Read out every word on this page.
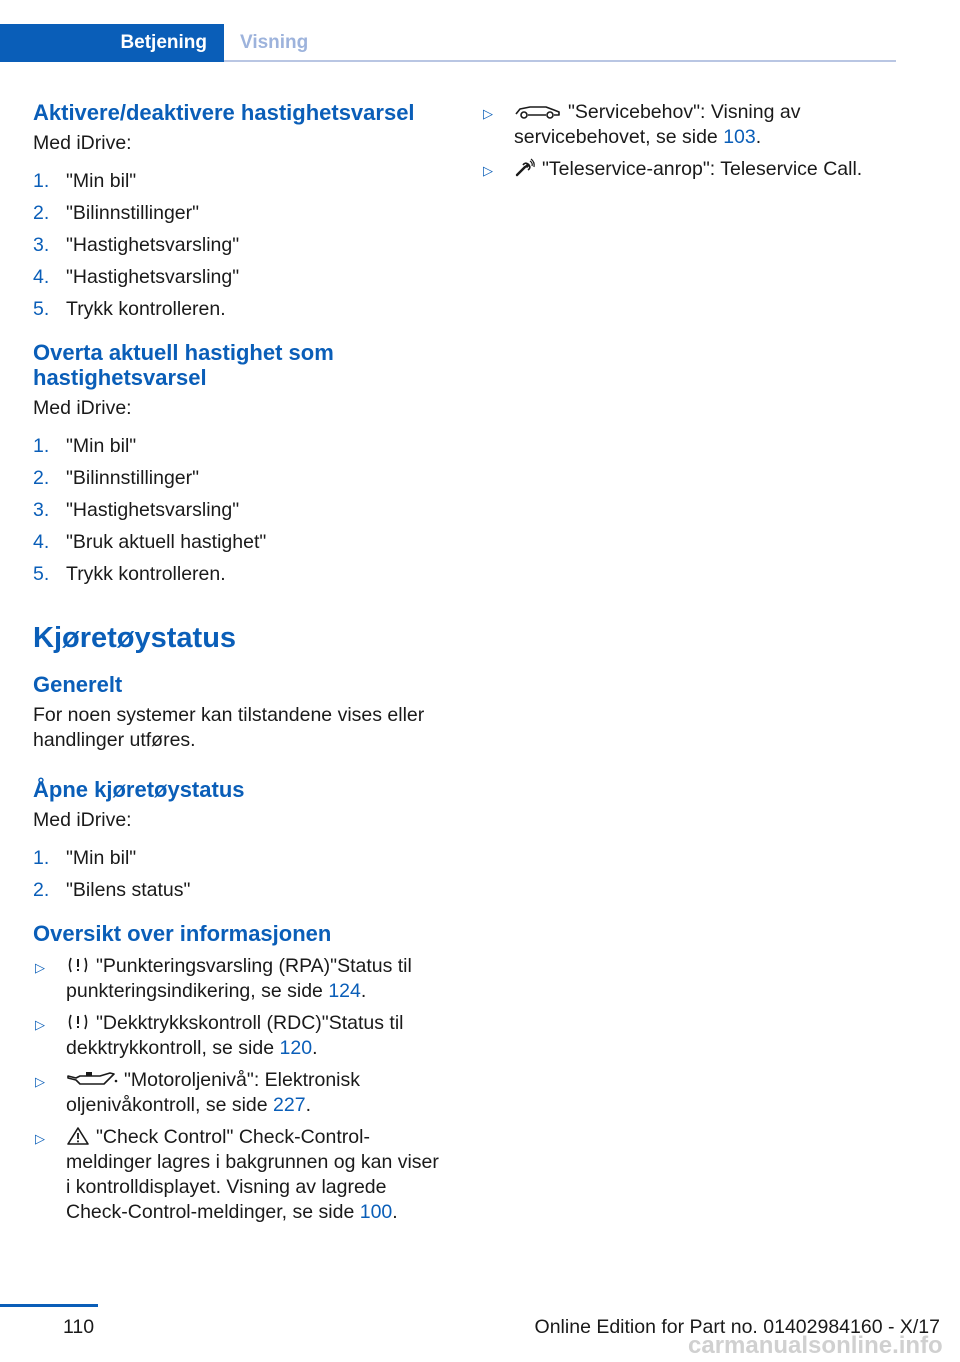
Betjening Visning
Aktivere/deaktivere hastighetsvarsel

Med iDrive:

1. "Min bil"
2. "Bilinnstillinger"
3. "Hastighetsvarsling"
4. "Hastighetsvarsling"
5. Trykk kontrolleren.
Overta aktuell hastighet som hastighetsvarsel

Med iDrive:

1. "Min bil"
2. "Bilinnstillinger"
3. "Hastighetsvarsling"
4. "Bruk aktuell hastighet"
5. Trykk kontrolleren.
Kjøretøystatus
Generelt

For noen systemer kan tilstandene vises eller handlinger utføres.

Åpne kjøretøystatus

Med iDrive:

1. "Min bil"
2. "Bilens status"
Oversikt over informasjonen
▷	"Punkteringsvarsling (RPA)"Status til punkteringsindikering, se side 124.
▷	"Dekktrykkskontroll (RDC)"Status til dekktrykkontroll, se side 120.
▷	"Motoroljenivå": Elektronisk oljenivåkontroll, se side 227.
▷	"Check Control" Check-Control-meldinger lagres i bakgrunnen og kan viser i kontrolldisplayet. Visning av lagrede Check-Control-meldinger, se side 100.
▷	"Servicebehov": Visning av servicebehovet, se side 103.
▷	"Teleservice-anrop": Teleservice Call.
110	Online Edition for Part no. 01402984160 - X/17
carmanualsonline.info
